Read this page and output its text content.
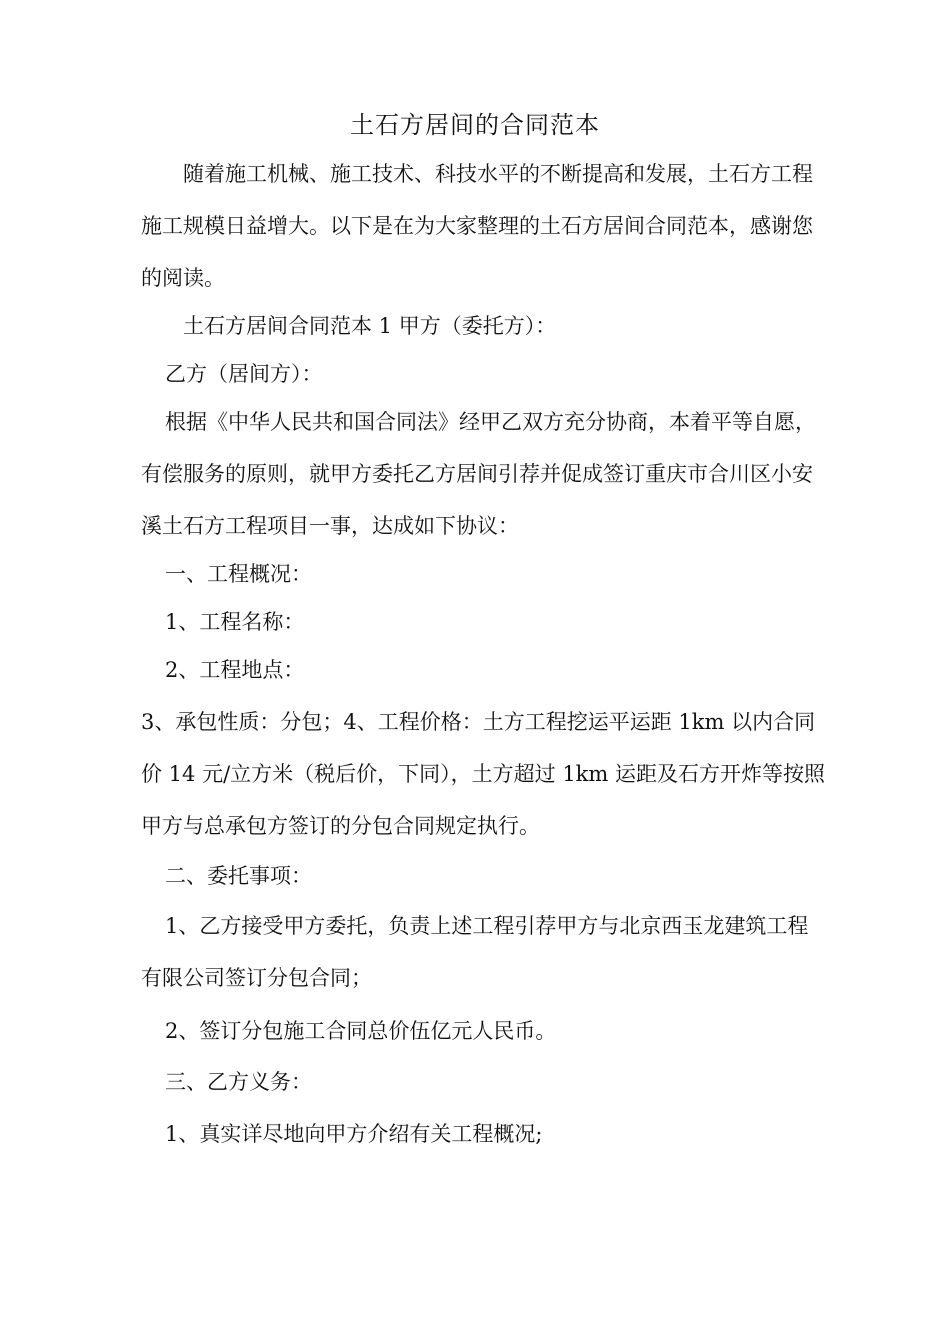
土石方居间的合同范本

随着施工机械、施工技术、科技水平的不断提高和发展，土石方工程施工规模日益增大。以下是在为大家整理的土石方居间合同范本，感谢您的阅读。

土石方居间合同范本 1 甲方（委托方）：

乙方（居间方）：

根据《中华人民共和国合同法》经甲乙双方充分协商，本着平等自愿，有偿服务的原则，就甲方委托乙方居间引荐并促成签订重庆市合川区小安溪土石方工程项目一事，达成如下协议：

一、工程概况：

1、工程名称：

2、工程地点：

3、承包性质：分包；4、工程价格：土方工程挖运平运距 1km 以内合同价 14 元/立方米（税后价，下同），土方超过 1km 运距及石方开炸等按照甲方与总承包方签订的分包合同规定执行。

二、委托事项：

1、乙方接受甲方委托，负责上述工程引荐甲方与北京西玉龙建筑工程有限公司签订分包合同；

2、签订分包施工合同总价伍亿元人民币。

三、乙方义务：

1、真实详尽地向甲方介绍有关工程概况;
